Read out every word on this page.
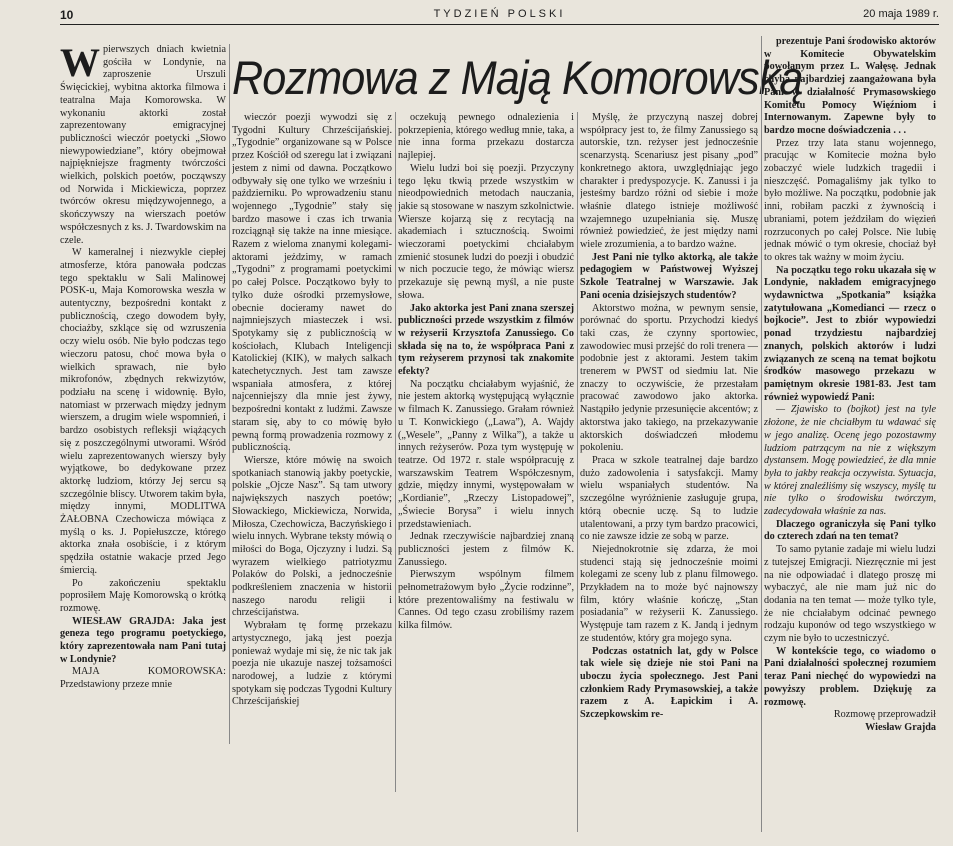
10	TYDZIEŃ POLSKI	20 maja 1989 r.
Rozmowa z Mają Komorowską

W pierwszych dniach kwietnia gościła w Londynie, na zaproszenie Urszuli Święcickiej, wybitna aktorka filmowa i teatralna Maja Komorowska. W wykonaniu aktorki został zaprezentowany emigracyjnej publiczności wieczór poetycki „Słowo niewypowiedziane”, który obejmował najpiękniejsze fragmenty twórczości wielkich, polskich poetów, począwszy od Norwida i Mickiewicza, poprzez twórców okresu międzywojennego, a skończywszy na wierszach poetów współczesnych z ks. J. Twardowskim na czele.

W kameralnej i niezwykle ciepłej atmosferze, która panowała podczas tego spektaklu w Sali Malinowej POSK-u, Maja Komorowska weszła w autentyczny, bezpośredni kontakt z publicznością, czego dowodem były, chociażby, szklące się od wzruszenia oczy wielu osób. Nie było podczas tego wieczoru patosu, choć mowa była o wielkich sprawach, nie było mikrofonów, zbędnych rekwizytów, podziału na scenę i widownię. Było, natomiast w przerwach między jednym wierszem, a drugim wiele wspomnień, i bardzo osobistych refleksji wiążących się z poszczególnymi utworami. Wśród wielu zaprezentowanych wierszy były wyjątkowe, bo dedykowane przez aktorkę ludziom, którzy Jej sercu są szczególnie bliscy. Utworem takim była, między innymi, MODLITWA ŻAŁOBNA Czechowicza mówiąca z myślą o ks. J. Popiełuszcze, którego aktorka znała osobiście, i z którym spędziła ostatnie wakacje przed Jego śmiercią.

Po zakończeniu spektaklu poprosiłem Maję Komorowską o krótką rozmowę.

WIESŁAW GRAJDA: Jaka jest geneza tego programu poetyckiego, który zaprezentowała nam Pani tutaj w Londynie?

MAJA KOMOROWSKA: Przedstawiony przeze mnie

wieczór poezji wywodzi się z Tygodni Kultury Chrześcijańskiej. „Tygodnie” organizowane są w Polsce przez Kościół od szeregu lat i związani jestem z nimi od dawna. Początkowo odbywały się one tylko we wrześniu i październiku. Po wprowadzeniu stanu wojennego „Tygodnie” stały się bardzo masowe i czas ich trwania rozciągnął się także na inne miesiące. Razem z wieloma znanymi kolegami-aktorami jeździmy, w ramach „Tygodni” z programami poetyckimi po całej Polsce. Początkowo były to tylko duże ośrodki przemysłowe, obecnie docieramy nawet do najmniejszych miasteczek i wsi. Spotykamy się z publicznością w kościołach, Klubach Inteligencji Katolickiej (KIK), w małych salkach katechetycznych. Jest tam zawsze wspaniała atmosfera, z której najcenniejszy dla mnie jest żywy, bezpośredni kontakt z ludźmi. Zawsze staram się, aby to co mówię było pewną formą prowadzenia rozmowy z publicznością.

Wiersze, które mówię na swoich spotkaniach stanowią jakby poetyckie, polskie „Ojcze Nasz”. Są tam utwory największych naszych poetów; Słowackiego, Mickiewicza, Norwida, Miłosza, Czechowicza, Baczyńskiego i wielu innych. Wybrane teksty mówią o miłości do Boga, Ojczyzny i ludzi. Są wyrazem wielkiego patriotyzmu Polaków do Polski, a jednocześnie podkreśleniem znaczenia w historii naszego narodu religii i chrześcijaństwa.

Wybrałam tę formę przekazu artystycznego, jaką jest poezja ponieważ wydaje mi się, że nic tak jak poezja nie ukazuje naszej tożsamości narodowej, a ludzie z którymi spotykam się podczas Tygodni Kultury Chrześcijańskiej

oczekują pewnego odnalezienia i pokrzepienia, którego według mnie, taka, a nie inna forma przekazu dostarcza najlepiej.

Wielu ludzi boi się poezji. Przyczyny tego lęku tkwią przede wszystkim w nieodpowiednich metodach nauczania, jakie są stosowane w naszym szkolnictwie. Wiersze kojarzą się z recytacją na akademiach i sztucznością. Swoimi wieczorami poetyckimi chciałabym zmienić stosunek ludzi do poezji i obudzić w nich poczucie tego, że mówiąc wiersz przekazuje się pewną myśl, a nie puste słowa.

Jako aktorka jest Pani znana szerszej publiczności przede wszystkim z filmów w reżyserii Krzysztofa Zanussiego. Co składa się na to, że współpraca Pani z tym reżyserem przynosi tak znakomite efekty?

Na początku chciałabym wyjaśnić, że nie jestem aktorką występującą wyłącznie w filmach K. Zanussiego. Grałam również u T. Konwickiego („Lawa”), A. Wajdy („Wesele”, „Panny z Wilka”), a także u innych reżyserów. Poza tym występuję w teatrze. Od 1972 r. stale współpracuję z warszawskim Teatrem Współczesnym, gdzie, między innymi, występowałam w „Kordianie”, „Rzeczy Listopadowej”, „Świecie Borysa” i wielu innych przedstawieniach.

Jednak rzeczywiście najbardziej znaną publiczności jestem z filmów K. Zanussiego.

Pierwszym wspólnym filmem pełnometrażowym było „Życie rodzinne”, które prezentowaliśmy na festiwalu w Cannes. Od tego czasu zrobiliśmy razem kilka filmów.

Myślę, że przyczyną naszej dobrej współpracy jest to, że filmy Zanussiego są autorskie, tzn. reżyser jest jednocześnie scenarzystą. Scenariusz jest pisany „pod” konkretnego aktora, uwzględniając jego charakter i predyspozycje. K. Zanussi i ja jesteśmy bardzo różni od siebie i może właśnie dlatego istnieje możliwość wzajemnego uzupełniania się. Muszę również powiedzieć, że jest między nami wiele zrozumienia, a to bardzo ważne.

Jest Pani nie tylko aktorką, ale także pedagogiem w Państwowej Wyższej Szkole Teatralnej w Warszawie. Jak Pani ocenia dzisiejszych studentów?

Aktorstwo można, w pewnym sensie, porównać do sportu. Przychodzi kiedyś taki czas, że czynny sportowiec, zawodowiec musi przejść do roli trenera — podobnie jest z aktorami. Jestem takim trenerem w PWST od siedmiu lat. Nie znaczy to oczywiście, że przestałam pracować zawodowo jako aktorka. Nastąpiło jedynie przesunięcie akcentów; z aktorstwa jako takiego, na przekazywanie aktorskich doświadczeń młodemu pokoleniu.

Praca w szkole teatralnej daje bardzo dużo zadowolenia i satysfakcji. Mamy wielu wspaniałych studentów. Na szczególne wyróżnienie zasługuje grupa, którą obecnie uczę. Są to ludzie utalentowani, a przy tym bardzo pracowici, co nie zawsze idzie ze sobą w parze.

Niejednokrotnie się zdarza, że moi studenci stają się jednocześnie moimi kolegami ze sceny lub z planu filmowego. Przykładem na to może być najnowszy film, który właśnie kończę, „Stan posiadania” w reżyserii K. Zanussiego. Występuje tam razem z K. Jandą i jednym ze studentów, który gra mojego syna.

Podczas ostatnich lat, gdy w Polsce tak wiele się dzieje nie stoi Pani na uboczu życia społecznego. Jest Pani członkiem Rady Prymasowskiej, a także razem z A. Łapickim i A. Szczepkowskim re-

prezentuje Pani środowisko aktorów w Komitecie Obywatelskim powołanym przez L. Wałęsę. Jednak chyba najbardziej zaangażowana była Pani w działalność Prymasowskiego Komitetu Pomocy Więźniom i Internowanym. Zapewne były to bardzo mocne doświadczenia . . .

Przez trzy lata stanu wojennego, pracując w Komitecie można było zobaczyć wiele ludzkich tragedii i nieszczęść. Pomagaliśmy jak tylko to było możliwe. Na początku, podobnie jak inni, robiłam paczki z żywnością i ubraniami, potem jeździłam do więzień rozrzuconych po całej Polsce. Nie lubię jednak mówić o tym okresie, chociaż był to okres tak ważny w moim życiu.

Na początku tego roku ukazała się w Londynie, nakładem emigracyjnego wydawnictwa „Spotkania” książka zatytułowana „Komedianci — rzecz o bojkocie”. Jest to zbiór wypowiedzi ponad trzydziestu najbardziej znanych, polskich aktorów i ludzi związanych ze sceną na temat bojkotu środków masowego przekazu w pamiętnym okresie 1981-83. Jest tam również wypowiedź Pani:

— Zjawisko to (bojkot) jest na tyle złożone, że nie chciałbym tu wdawać się w jego analizę. Ocenę jego pozostawmy ludziom patrzącym na nie z większym dystansem. Mogę powiedzieć, że dla mnie była to jakby reakcja oczywista. Sytuacja, w której znaleźliśmy się wszyscy, myślę tu nie tylko o środowisku twórczym, zadecydowała właśnie za nas.

Dlaczego ograniczyła się Pani tylko do czterech zdań na ten temat?

To samo pytanie zadaje mi wielu ludzi z tutejszej Emigracji. Niezręcznie mi jest na nie odpowiadać i dlatego proszę mi wybaczyć, ale nie mam już nic do dodania na ten temat — może tylko tyle, że nie chciałabym odcinać pewnego rodzaju kuponów od tego wszystkiego w czym nie było to uczestniczyć.

W kontekście tego, co wiadomo o Pani działalności społecznej rozumiem teraz Pani niechęć do wypowiedzi na powyższy problem. Dziękuję za rozmowę.

Rozmowę przeprowadził

Wiesław Grajda
